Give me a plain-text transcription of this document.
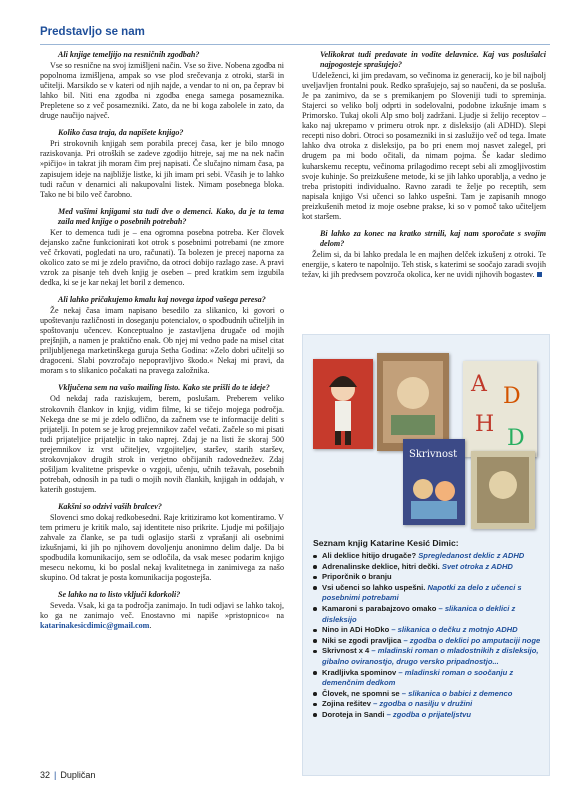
Predstavljo se nam
Ali knjige temeljijo na resničnih zgodbah?
Vse so resnične na svoj izmišljeni način. Vse so žive. Nobena zgodba ni popolnoma izmišljena, ampak so vse plod srečevanja z otroki, starši in učitelji. Marsikdo se v kateri od njih najde, a vendar to ni on, pa čeprav bi lahko bil. Niti ena zgodba ni zgodba enega samega posameznika. Prepletene so z več posamezniki. Zato, da ne bi koga zabolele in zato, da druge naučijo največ.
Koliko časa traja, da napišete knjigo?
Pri strokovnih knjigah sem porabila precej časa, ker je bilo mnogo raziskovanja. Pri otroških se zadeve zgodijo hitreje, saj me na nek način »pičijo« in takrat jih moram čim prej napisati. Če slučajno nimam časa, pa zapisujem ideje na najbližje listke, ki jih imam pri sebi. Včasih je to lahko tudi račun v denarnici ali nakupovalni listek. Nimam posebnega bloka. Tako ne bi bilo več čarobno.
Med vašimi knjigami sta tudi dve o demenci. Kako, da je ta tema zaila med knjige o posebnih potrebah?
Ker to demenca tudi je – ena ogromna posebna potreba. Ker človek dejansko začne funkcionirati kot otrok s posebnimi potrebami (ne zmore več črkovati, pogledati na uro, računati). Ta bolezen je precej naporna za okolico zato se mi je zdelo pravično, da otroci dobijo razlago zase. A pravi vzrok za pisanje teh dveh knjig je oseben – pred kratkim sem izgubila dedka, ki se je kar nekaj let boril z demenco.
Ali lahko pričakujemo kmalu kaj novega izpod vašega peresa?
Že nekaj časa imam napisano besedilo za slikanico, ki govori o upoštevanju različnosti in doseganju potencialov, o spodbudnih učiteljih in spoštovanju učencev. Konceptualno je zastavljena drugače od mojih prejšnjih, a namen je praktično enak. Ob njej mi vedno pade na misel citat priljubljenega marketinškega guruja Setha Godina: »Zelo dobri učitelji so dragoceni. Slabi povzročajo nepopravljivo škodo.« Nekaj mi pravi, da moram s to slikanico počakati na pravega založnika.
Vključena sem na vašo mailing listo. Kako ste prišli do te ideje?
Od nekdaj rada raziskujem, berem, poslušam. Preberem veliko strokovnih člankov in knjig, vidim filme, ki se tičejo mojega področja. Nekega dne se mi je zdelo odlično, da začnem vse te informacije deliti s prijatelji. In potem se je krog prejemnikov začel večati. Začele so mi pisati tudi prijateljice prijateljic in tako naprej. Zdaj je na listi že skoraj 500 prejemnikov iz vrst učiteljev, vzgojiteljev, staršev, starih staršev, strokovnjakov drugih strok in verjetno občijanih radovednežev. Zdaj pošiljam kvalitetne prispevke o vzgoji, učenju, učnih težavah, posebnih potrebah, odnosih in pa tudi o mojih novih člankih, knjigah in oddajah, v katerih gostujem.
Kakšni so odzivi vaših bralcev?
Slovenci smo dokaj redkobesedni. Raje kritiziramo kot komentiramo. V tem primeru je kritik malo, saj identitete niso prikrite. Ljudje mi pošiljajo zahvale za članke, se pa tudi oglasijo starši z vprašanji ali osebnimi izkušnjami, ki jih po njihovem dovoljenju anonimno delim dalje. Da bi spodbudila komunikacijo, sem se odločila, da vsak mesec podarim knjigo mesecu nekomu, ki bo poslal nekaj kvalitetnega in zanimivega za našo skupino. Od takrat je posta komunikacija pogostejša.
Se lahko na to listo vključi kdorkoli?
Seveda. Vsak, ki ga ta področja zanimajo. In tudi odjavi se lahko takoj, ko ga ne zanimajo več. Enostavno mi napiše »pristopnico« na katarinakesicdimic@gmail.com.
Velikokrat tudi predavate in vodite delavnice. Kaj vas poslušalci najpogosteje sprašujejo?
Udeleženci, ki jim predavam, so večinoma iz generacij, ko je bil najbolj uveljavljen frontalni pouk. Redko sprašujejo, saj so naučeni, da se posluša. Je pa zanimivo, da se s premikanjem po Sloveniji tudi to spreminja. Stajerci so veliko bolj odprti in sodelovalni, podobne izkušnje imam s Primorsko. Tukaj okoli Alp smo bolj zadržani. Ljudje si želijo receptov – kako naj ukrepamo v primeru otrok npr. z disleksijo (ali ADHD). Slepi recepti niso dobri. Otroci so posamezniki in si zaslužijo več od tega. Imate lahko dva otroka z disleksijo, pa bo pri enem moj nasvet zalegel, pri drugem pa mi bodo očitali, da nimam pojma. Še kadar sledimo kuharskemu receptu, večinoma prilagodimo recept sebi ali zmogljivostim svoje kuhinje. So preizkušene metode, ki se jih lahko uporablja, a vedno je treba pristopiti individualno. Ravno zaradi te želje po receptih, sem napisala knjigo Vsi učenci so lahko uspešni. Tam je zapisanih mnogo preizkušenih metod iz moje osebne prakse, ki so v pomoč tako učiteljem kot staršem.
Bi lahko za konec na kratko strnili, kaj nam sporočate s svojim delom?
Želim si, da bi lahko predala le en majhen delček izkušenj z otroki. Te energije, s katero te napolnijo. Teh stisk, s katerimi se soočajo zaradi svojih težav, ki jih predvsem povzroča okolica, ker ne uvidi njihovih bogastev.
A D
H
D
Skrivnost
Seznam knjig Katarine Kesić Dimic:
Ali deklice hitijo drugače? Spregledanost deklic z ADHD
Adrenalinske deklice, hitri dečki. Svet otroka z ADHD
Priporčnik o branju
Vsi učenci so lahko uspešni. Napotki za delo z učenci s posebnimi potrebami
Kamaroni s parabajzovo omako – slikanica o deklici z disleksijo
Nino in ADi HoDko – slikanica o dečku z motnjo ADHD
Niki se zgodi pravljica – zgodba o deklici po amputaciji noge
Skrivnost x 4 – mladinski roman o mladostnikih z disleksijo, gibalno oviranostjo, drugo versko pripadnostjo...
Kradljivka spominov – mladinski roman o soočanju z demenčnim dedkom
Človek, ne spomni se – slikanica o babici z demenco
Zojina rešitev – zgodba o nasilju v družini
Doroteja in Sandi – zgodba o prijateljstvu
32 | Dupličan
